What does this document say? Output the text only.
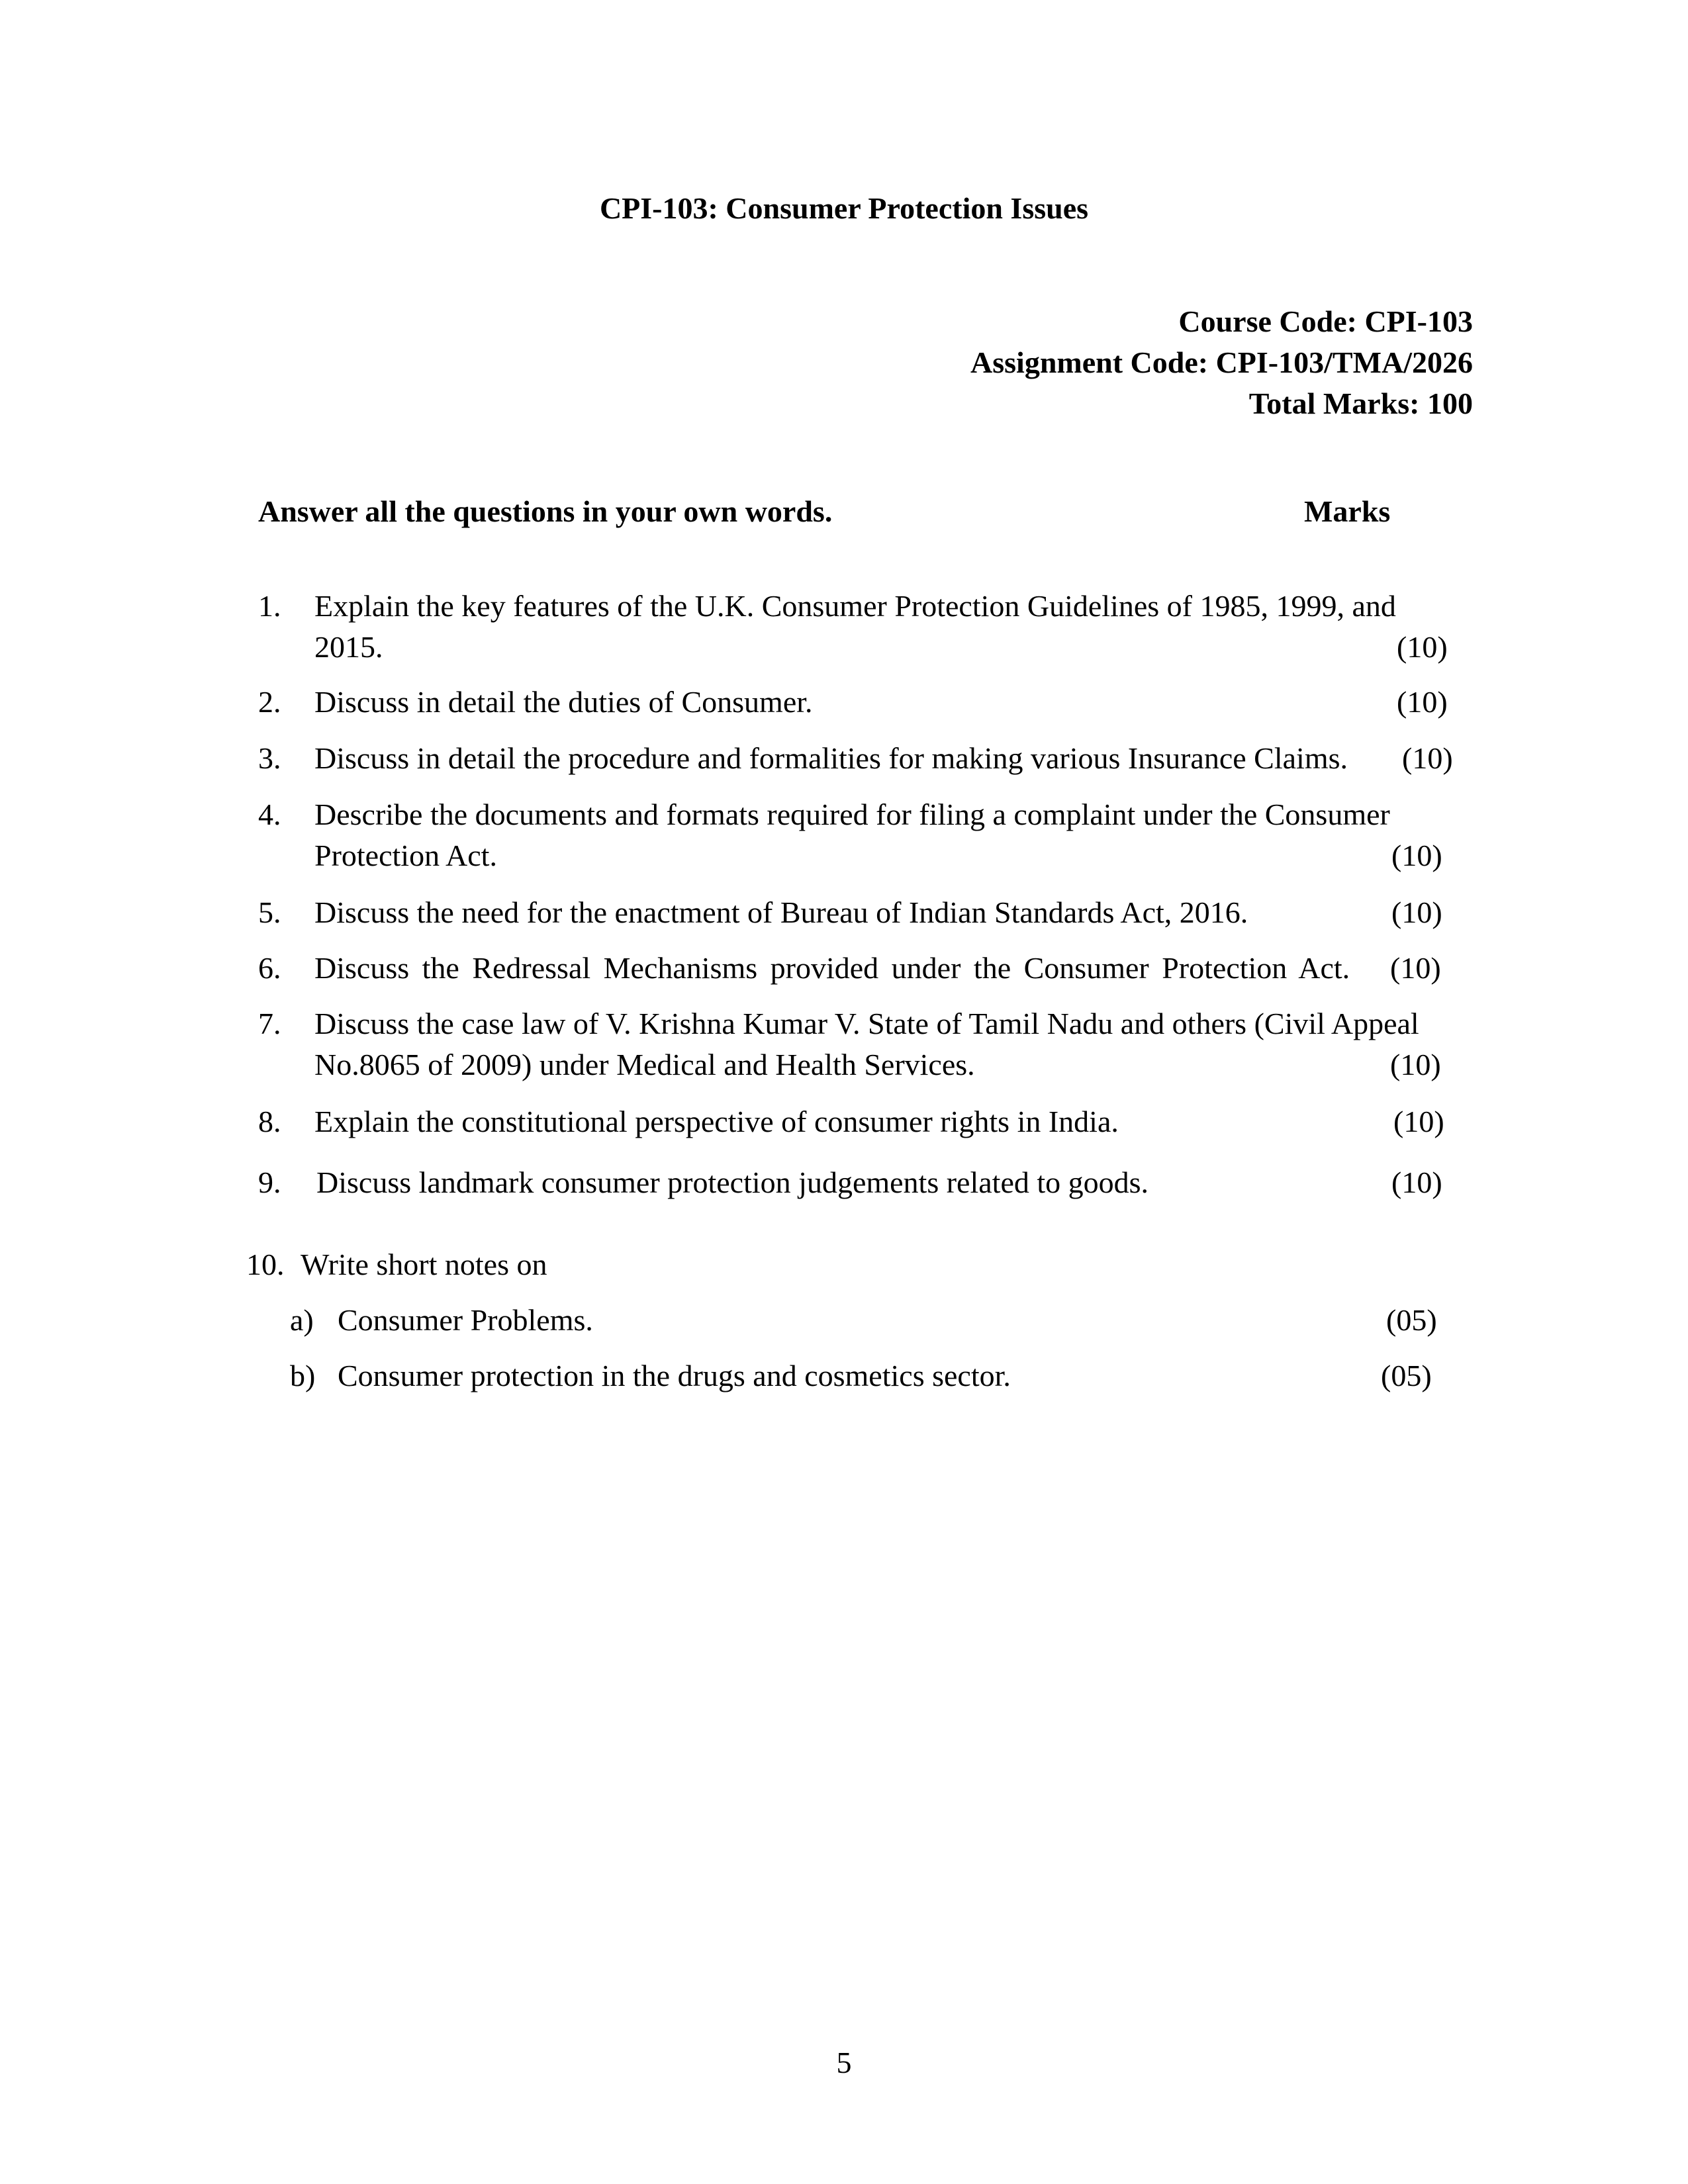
CPI-103: Consumer Protection Issues
Course Code: CPI-103
Assignment Code: CPI-103/TMA/2026
Total Marks: 100
Answer all the questions in your own words.	Marks
1. Explain the key features of the U.K. Consumer Protection Guidelines of 1985, 1999, and
2015.	(10)
2. Discuss in detail the duties of Consumer.	(10)
3. Discuss in detail the procedure and formalities for making various Insurance Claims.	(10)
4. Describe the documents and formats required for filing a complaint under the Consumer
Protection Act.	(10)
5. Discuss the need for the enactment of Bureau of Indian Standards Act, 2016.	(10)
6. Discuss the Redressal Mechanisms provided under the Consumer Protection Act.	(10)
7. Discuss the case law of V. Krishna Kumar V. State of Tamil Nadu and others (Civil Appeal
No.8065 of 2009) under Medical and Health Services.	(10)
8. Explain the constitutional perspective of consumer rights in India.	(10)
9. Discuss landmark consumer protection judgements related to goods.	(10)
10. Write short notes on
a) Consumer Problems.	(05)
b) Consumer protection in the drugs and cosmetics sector.	(05)
5
